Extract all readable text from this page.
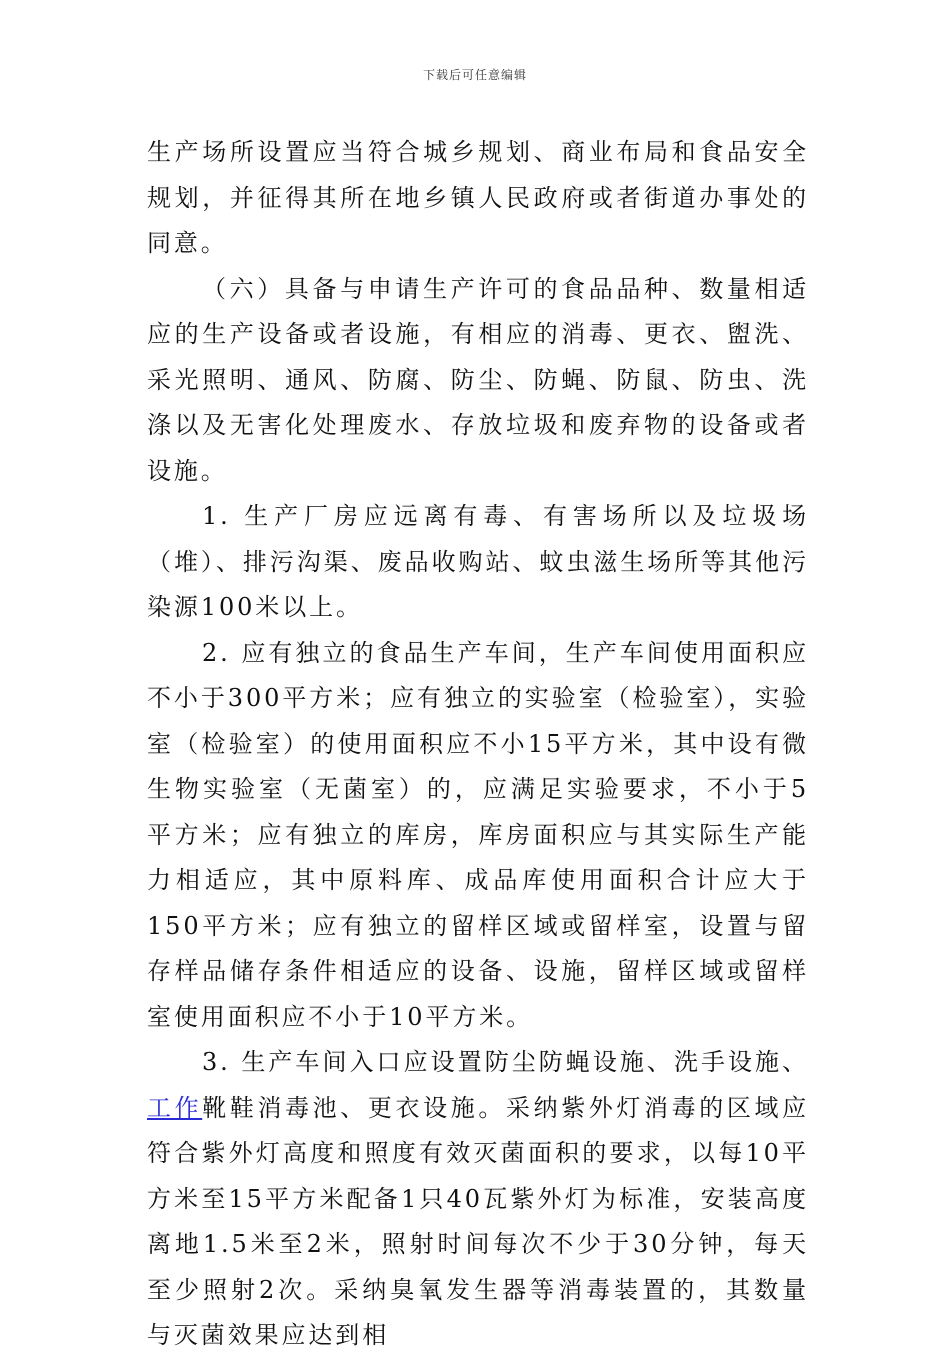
下载后可任意编辑

生产场所设置应当符合城乡规划、商业布局和食品安全规划，并征得其所在地乡镇人民政府或者街道办事处的同意。

（六）具备与申请生产许可的食品品种、数量相适应的生产设备或者设施，有相应的消毒、更衣、盥洗、采光照明、通风、防腐、防尘、防蝇、防鼠、防虫、洗涤以及无害化处理废水、存放垃圾和废弃物的设备或者设施。

1. 生产厂房应远离有毒、有害场所以及垃圾场（堆）、排污沟渠、废品收购站、蚊虫滋生场所等其他污染源100米以上。

2. 应有独立的食品生产车间，生产车间使用面积应不小于300平方米；应有独立的实验室（检验室），实验室（检验室）的使用面积应不小15平方米，其中设有微生物实验室（无菌室）的，应满足实验要求，不小于5平方米；应有独立的库房，库房面积应与其实际生产能力相适应，其中原料库、成品库使用面积合计应大于150平方米；应有独立的留样区域或留样室，设置与留存样品储存条件相适应的设备、设施，留样区域或留样室使用面积应不小于10平方米。

3. 生产车间入口应设置防尘防蝇设施、洗手设施、工作靴鞋消毒池、更衣设施。采纳紫外灯消毒的区域应符合紫外灯高度和照度有效灭菌面积的要求，以每10平方米至15平方米配备1只40瓦紫外灯为标准，安装高度离地1.5米至2米，照射时间每次不少于30分钟，每天至少照射2次。采纳臭氧发生器等消毒装置的，其数量与灭菌效果应达到相
